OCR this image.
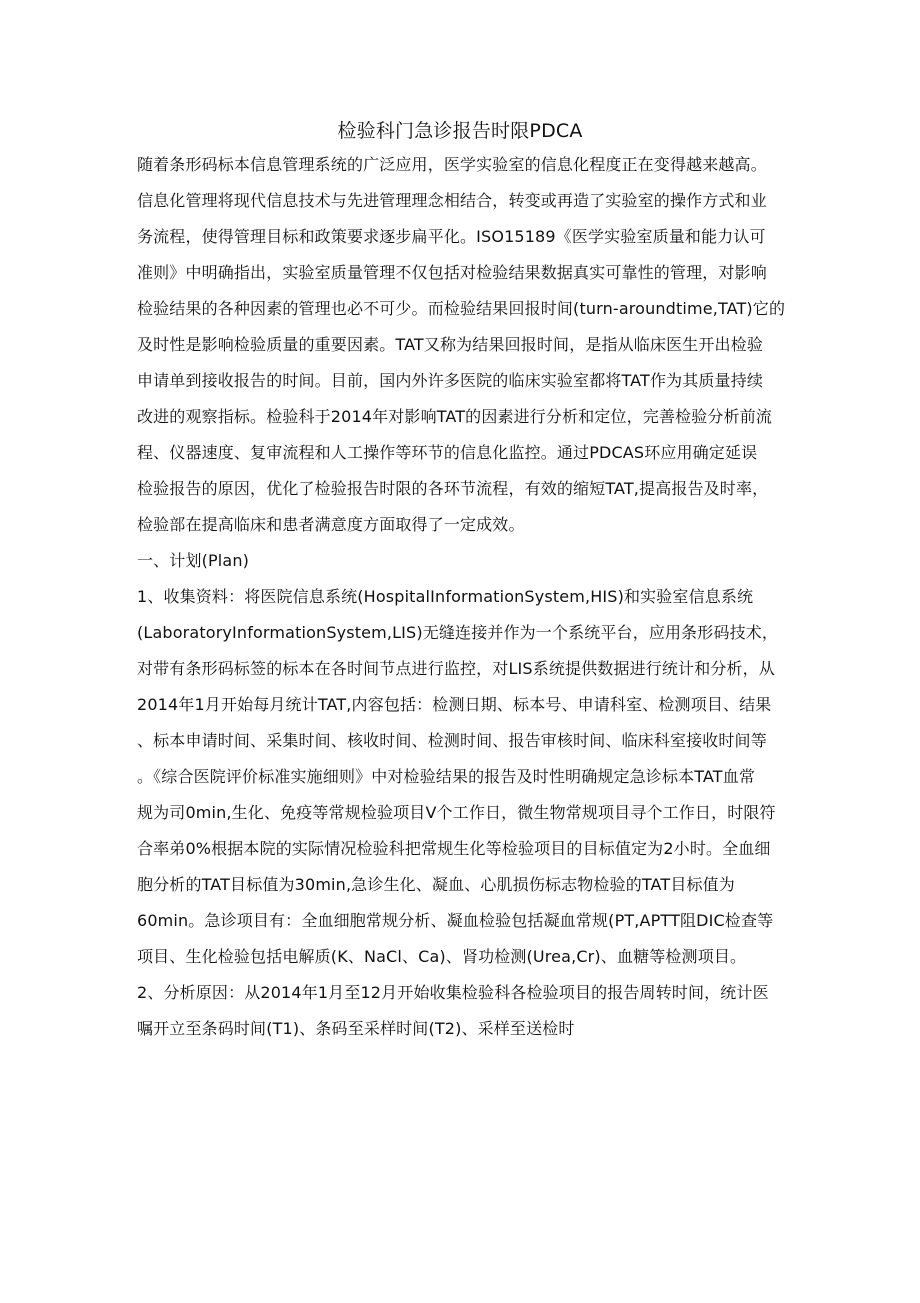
检验科门急诊报告时限PDCA
随着条形码标本信息管理系统的广泛应用，医学实验室的信息化程度正在变得越来越高。
信息化管理将现代信息技术与先进管理理念相结合，转变或再造了实验室的操作方式和业
务流程，使得管理目标和政策要求逐步扁平化。ISO15189《医学实验室质量和能力认可
准则》中明确指出，实验室质量管理不仅包括对检验结果数据真实可靠性的管理，对影响
检验结果的各种因素的管理也必不可少。而检验结果回报时间(turn-aroundtime,TAT)它的
及时性是影响检验质量的重要因素。TAT又称为结果回报时间，是指从临床医生开出检验
申请单到接收报告的时间。目前，国内外许多医院的临床实验室都将TAT作为其质量持续
改进的观察指标。检验科于2014年对影响TAT的因素进行分析和定位，完善检验分析前流
程、仪器速度、复审流程和人工操作等环节的信息化监控。通过PDCAS环应用确定延误
检验报告的原因，优化了检验报告时限的各环节流程，有效的缩短TAT,提高报告及时率，
检验部在提高临床和患者满意度方面取得了一定成效。
一、计划(Plan)
1、收集资料：将医院信息系统(HospitalInformationSystem,HIS)和实验室信息系统
(LaboratoryInformationSystem,LIS)无缝连接并作为一个系统平台，应用条形码技术，
对带有条形码标签的标本在各时间节点进行监控，对LIS系统提供数据进行统计和分析，从
2014年1月开始每月统计TAT,内容包括：检测日期、标本号、申请科室、检测项目、结果
、标本申请时间、采集时间、核收时间、检测时间、报告审核时间、临床科室接收时间等
。《综合医院评价标准实施细则》中对检验结果的报告及时性明确规定急诊标本TAT血常
规为司0min,生化、免疫等常规检验项目V个工作日，微生物常规项目寻个工作日，时限符
合率弟0%根据本院的实际情况检验科把常规生化等检验项目的目标值定为2小时。全血细
胞分析的TAT目标值为30min,急诊生化、凝血、心肌损伤标志物检验的TAT目标值为
60min。急诊项目有：全血细胞常规分析、凝血检验包括凝血常规(PT,APTT阻DIC检查等
项目、生化检验包括电解质(K、NaCl、Ca)、肾功检测(Urea,Cr)、血糖等检测项目。
2、分析原因：从2014年1月至12月开始收集检验科各检验项目的报告周转时间，统计医
嘱开立至条码时间(T1)、条码至采样时间(T2)、采样至送检时
